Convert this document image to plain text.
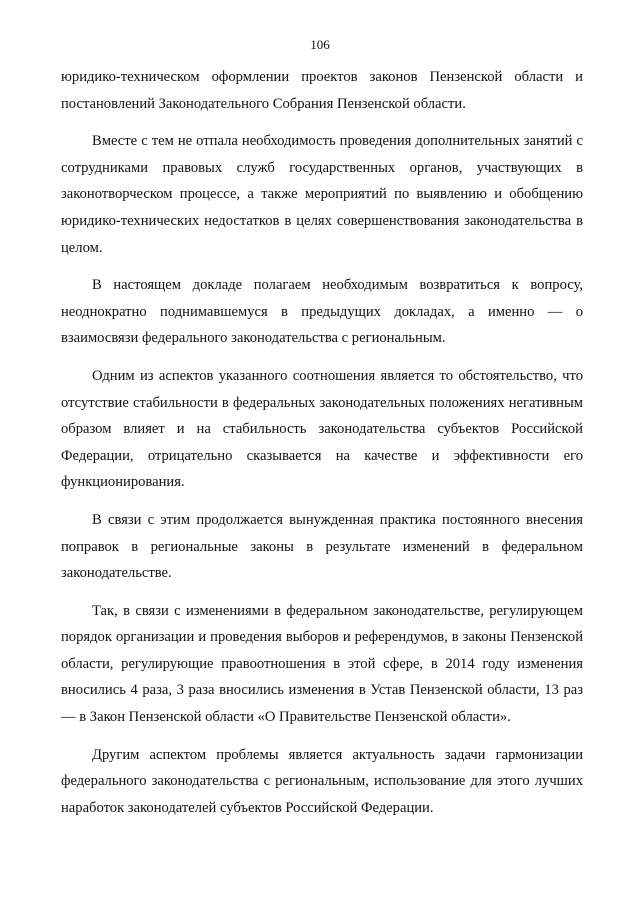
106

юридико-техническом оформлении проектов законов Пензенской области и постановлений Законодательного Собрания Пензенской области.

Вместе с тем не отпала необходимость проведения дополнительных занятий с сотрудниками правовых служб государственных органов, участвующих в законотворческом процессе, а также мероприятий по выявлению и обобщению юридико-технических недостатков в целях совершенствования законодательства в целом.

В настоящем докладе полагаем необходимым возвратиться к вопросу, неоднократно поднимавшемуся в предыдущих докладах, а именно — о взаимосвязи федерального законодательства с региональным.

Одним из аспектов указанного соотношения является то обстоятельство, что отсутствие стабильности в федеральных законодательных положениях негативным образом влияет и на стабильность законодательства субъектов Российской Федерации, отрицательно сказывается на качестве и эффективности его функционирования.

В связи с этим продолжается вынужденная практика постоянного внесения поправок в региональные законы в результате изменений в федеральном законодательстве.

Так, в связи с изменениями в федеральном законодательстве, регулирующем порядок организации и проведения выборов и референдумов, в законы Пензенской области, регулирующие правоотношения в этой сфере, в 2014 году изменения вносились 4 раза, 3 раза вносились изменения в Устав Пензенской области, 13 раз — в Закон Пензенской области «О Правительстве Пензенской области».

Другим аспектом проблемы является актуальность задачи гармонизации федерального законодательства с региональным, использование для этого лучших наработок законодателей субъектов Российской Федерации.
